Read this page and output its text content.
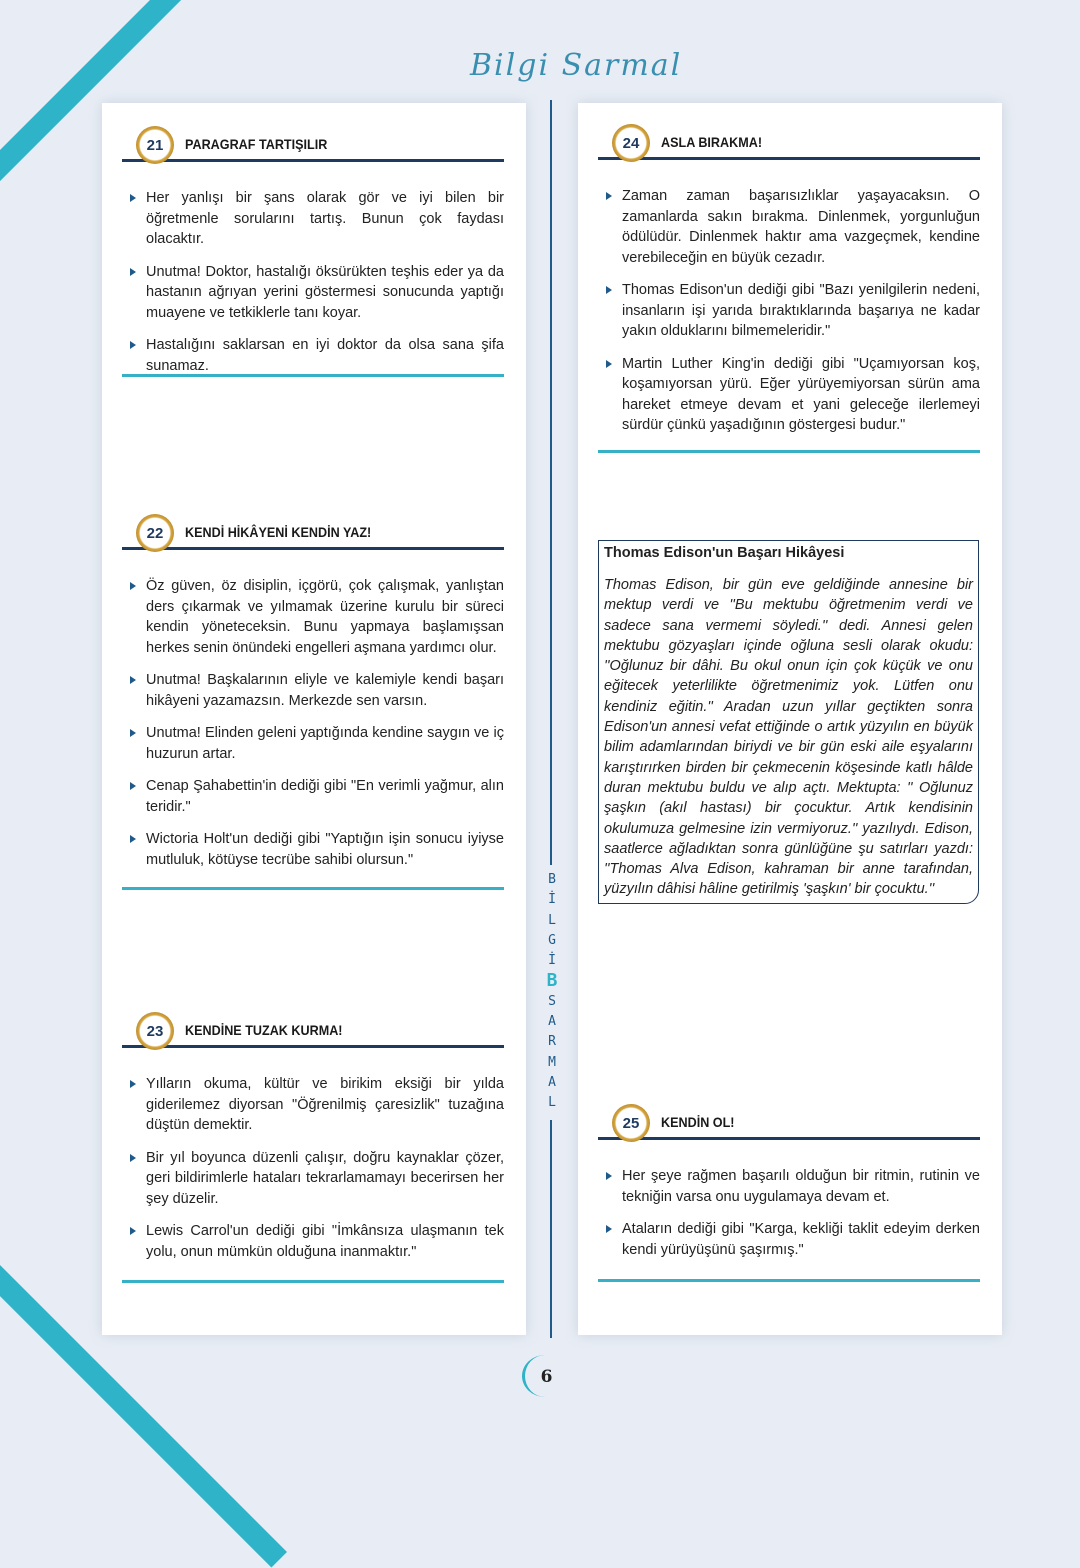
Bilgi Sarmal
B
İ
L
G
İ
B
S
A
R
M
A
L
21	PARAGRAF TARTIŞILIR
Her yanlışı bir şans olarak gör ve iyi bilen bir öğretmenle sorularını tartış. Bunun çok faydası olacaktır.
Unutma! Doktor, hastalığı öksürükten teşhis eder ya da hastanın ağrıyan yerini göstermesi sonucunda yaptığı muayene ve tetkiklerle tanı koyar.
Hastalığını saklarsan en iyi doktor da olsa sana şifa sunamaz.
22	KENDİ HİKÂYENİ KENDİN YAZ!
Öz güven, öz disiplin, içgörü, çok çalışmak, yanlıştan ders çıkarmak ve yılmamak üzerine kurulu bir süreci kendin yöneteceksin. Bunu yapmaya başlamışsan herkes senin önündeki engelleri aşmana yardımcı olur.
Unutma! Başkalarının eliyle ve kalemiyle kendi başarı hikâyeni yazamazsın. Merkezde sen varsın.
Unutma! Elinden geleni yaptığında kendine saygın ve iç huzurun artar.
Cenap Şahabettin'in dediği gibi "En verimli yağmur, alın teridir."
Wictoria Holt'un dediği gibi "Yaptığın işin sonucu iyiyse mutluluk, kötüyse tecrübe sahibi olursun."
23	KENDİNE TUZAK KURMA!
Yılların okuma, kültür ve birikim eksiği bir yılda giderilemez diyorsan "Öğrenilmiş çaresizlik" tuzağına düştün demektir.
Bir yıl boyunca düzenli çalışır, doğru kaynaklar çözer, geri bildirimlerle hataları tekrarlamamayı becerirsen her şey düzelir.
Lewis Carrol'un dediği gibi "İmkânsıza ulaşmanın tek yolu, onun mümkün olduğuna inanmaktır."
24	ASLA BIRAKMA!
Zaman zaman başarısızlıklar yaşayacaksın. O zamanlarda sakın bırakma. Dinlenmek, yorgunluğun ödülüdür. Dinlenmek haktır ama vazgeçmek, kendine verebileceğin en büyük cezadır.
Thomas Edison'un dediği gibi "Bazı yenilgilerin nedeni, insanların işi yarıda bıraktıklarında başarıya ne kadar yakın olduklarını bilmemeleridir."
Martin Luther King'in dediği gibi "Uçamıyorsan koş, koşamıyorsan yürü. Eğer yürüyemiyorsan sürün ama hareket etmeye devam et yani geleceğe ilerlemeyi sürdür çünkü yaşadığının göstergesi budur."
25	KENDİN OL!
Her şeye rağmen başarılı olduğun bir ritmin, rutinin ve tekniğin varsa onu uygulamaya devam et.
Ataların dediği gibi "Karga, kekliği taklit edeyim derken kendi yürüyüşünü şaşırmış."
Thomas Edison'un Başarı Hikâyesi

Thomas Edison, bir gün eve geldiğinde annesine bir mektup verdi ve ''Bu mektubu öğretmenim verdi ve sadece sana vermemi söyledi.'' dedi. Annesi gelen mektubu gözyaşları içinde oğluna sesli olarak okudu: ''Oğlunuz bir dâhi. Bu okul onun için çok küçük ve onu eğitecek yeterlilikte öğretmenimiz yok. Lütfen onu kendiniz eğitin.'' Aradan uzun yıllar geçtikten sonra Edison'un annesi vefat ettiğinde o artık yüzyılın en büyük bilim adamlarından biriydi ve bir gün eski aile eşyalarını karıştırırken birden bir çekmecenin köşesinde katlı hâlde duran mektubu buldu ve alıp açtı. Mektupta: '' Oğlunuz şaşkın (akıl hastası) bir çocuktur. Artık kendisinin okulumuza gelmesine izin vermiyoruz.'' yazılıydı. Edison, saatlerce ağladıktan sonra günlüğüne şu satırları yazdı: ''Thomas Alva Edison, kahraman bir anne tarafından, yüzyılın dâhisi hâline getirilmiş 'şaşkın' bir çocuktu.''

6
